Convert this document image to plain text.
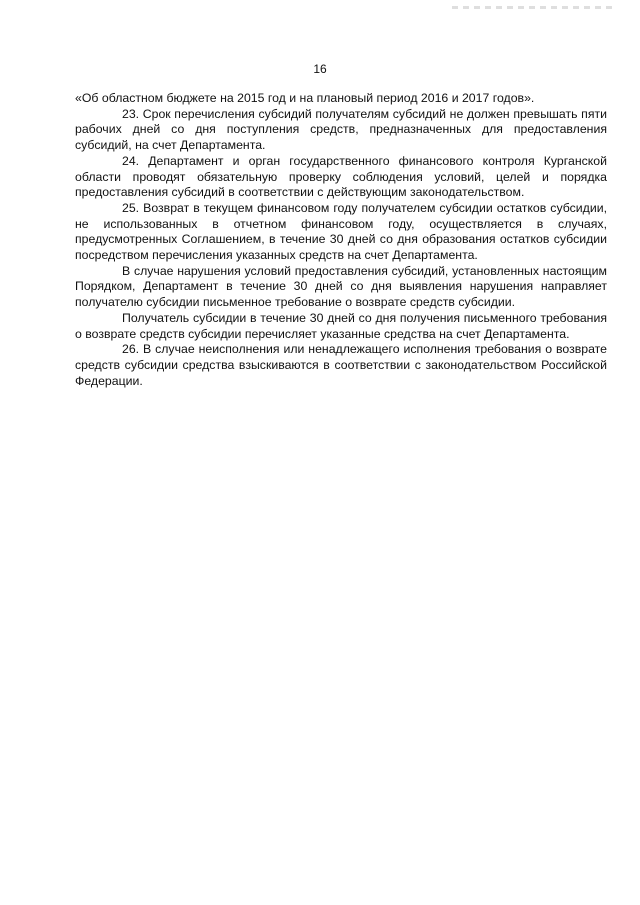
16

«Об областном бюджете на 2015 год и на плановый период 2016 и 2017 годов».

23. Срок перечисления субсидий получателям субсидий не должен превышать пяти рабочих дней со дня поступления средств, предназначенных для предоставления субсидий, на счет Департамента.

24. Департамент и орган государственного финансового контроля Курганской области проводят обязательную проверку соблюдения условий, целей и порядка предоставления субсидий в соответствии с действующим законодательством.

25. Возврат в текущем финансовом году получателем субсидии остатков субсидии, не использованных в отчетном финансовом году, осуществляется в случаях, предусмотренных Соглашением, в течение 30 дней со дня образования остатков субсидии посредством перечисления указанных средств на счет Департамента.

В случае нарушения условий предоставления субсидий, установленных настоящим Порядком, Департамент в течение 30 дней со дня выявления нарушения направляет получателю субсидии письменное требование о возврате средств субсидии.

Получатель субсидии в течение 30 дней со дня получения письменного требования о возврате средств субсидии перечисляет указанные средства на счет Департамента.

26. В случае неисполнения или ненадлежащего исполнения требования о возврате средств субсидии средства взыскиваются в соответствии с законодательством Российской Федерации.
